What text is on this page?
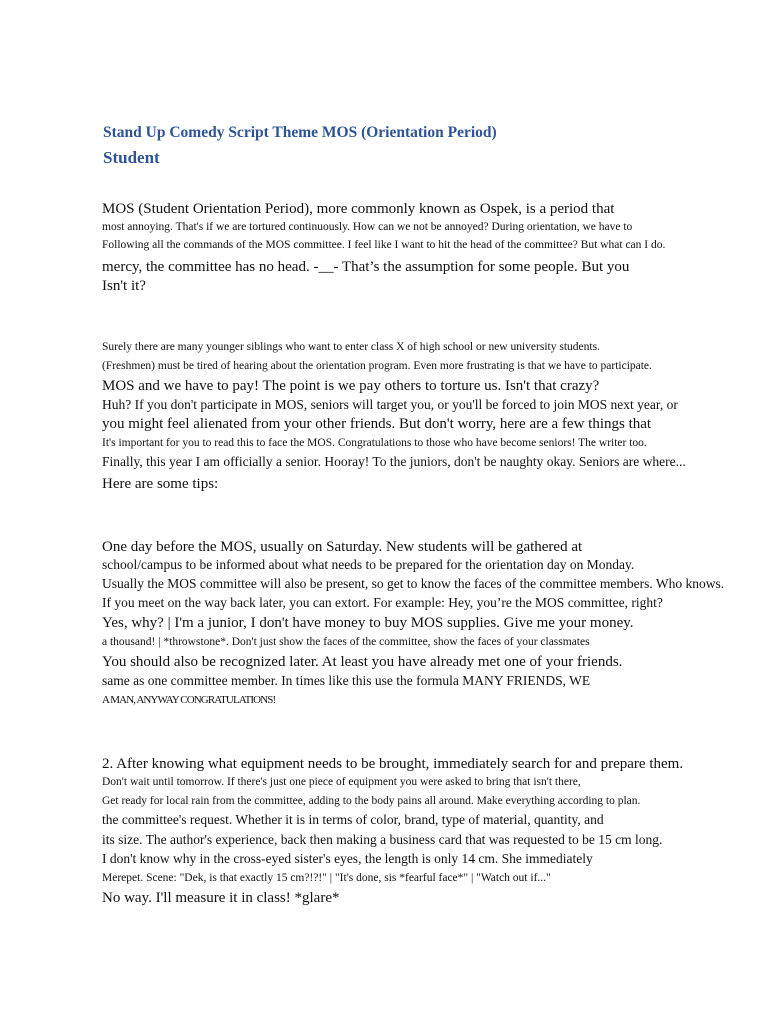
Stand Up Comedy Script Theme MOS (Orientation Period)
Student

MOS (Student Orientation Period), more commonly known as Ospek, is a period that

most annoying. That's if we are tortured continuously. How can we not be annoyed? During orientation, we have to

Following all the commands of the MOS committee. I feel like I want to hit the head of the committee? But what can I do.

mercy, the committee has no head. -__- That’s the assumption for some people. But you

Isn't it?

Surely there are many younger siblings who want to enter class X of high school or new university students.

(Freshmen) must be tired of hearing about the orientation program. Even more frustrating is that we have to participate.

MOS and we have to pay! The point is we pay others to torture us. Isn't that crazy?

Huh? If you don't participate in MOS, seniors will target you, or you'll be forced to join MOS next year, or

you might feel alienated from your other friends. But don't worry, here are a few things that

It's important for you to read this to face the MOS. Congratulations to those who have become seniors! The writer too.

Finally, this year I am officially a senior. Hooray! To the juniors, don't be naughty okay. Seniors are where...

Here are some tips:

One day before the MOS, usually on Saturday. New students will be gathered at

school/campus to be informed about what needs to be prepared for the orientation day on Monday.

Usually the MOS committee will also be present, so get to know the faces of the committee members. Who knows.

If you meet on the way back later, you can extort. For example: Hey, you’re the MOS committee, right?

Yes, why? | I'm a junior, I don't have money to buy MOS supplies. Give me your money.

a thousand! | *throwstone*. Don't just show the faces of the committee, show the faces of your classmates

You should also be recognized later. At least you have already met one of your friends.

same as one committee member. In times like this use the formula MANY FRIENDS, WE

A MAN, ANYWAY CONGRATULATIONS!

2. After knowing what equipment needs to be brought, immediately search for and prepare them.

Don't wait until tomorrow. If there's just one piece of equipment you were asked to bring that isn't there,

Get ready for local rain from the committee, adding to the body pains all around. Make everything according to plan.

the committee's request. Whether it is in terms of color, brand, type of material, quantity, and

its size. The author's experience, back then making a business card that was requested to be 15 cm long.

I don't know why in the cross-eyed sister's eyes, the length is only 14 cm. She immediately

Merepet. Scene: "Dek, is that exactly 15 cm?!?!" | "It's done, sis *fearful face*" | "Watch out if..."

No way. I'll measure it in class! *glare*
